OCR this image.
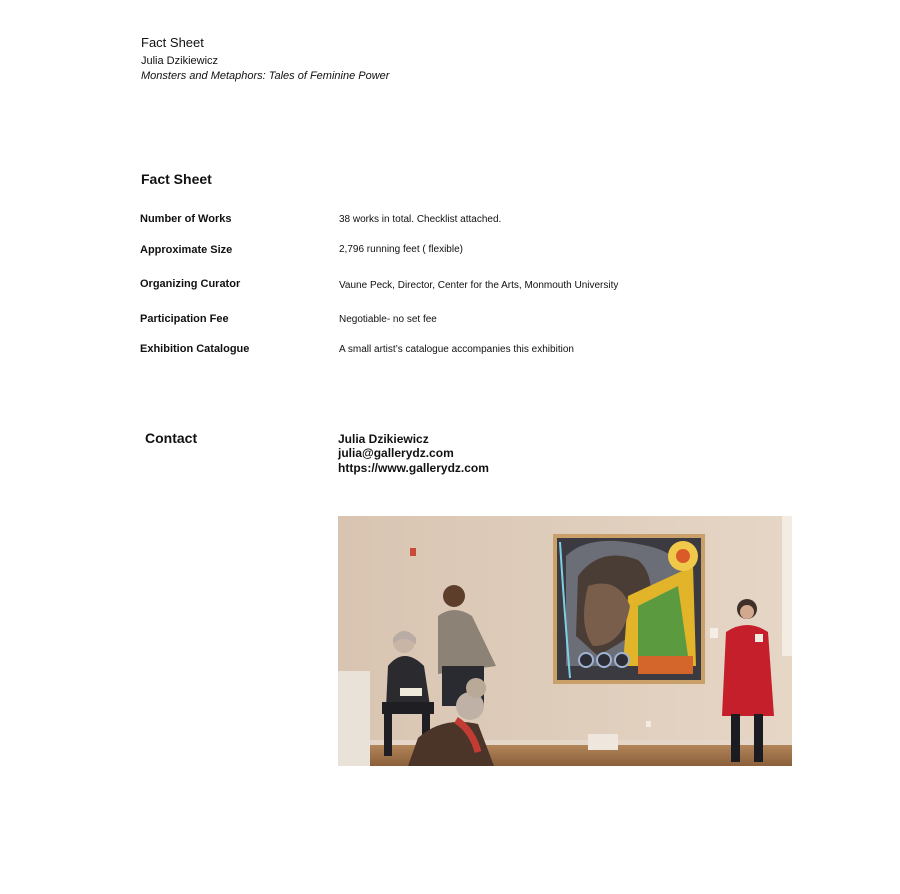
Fact Sheet
Julia Dzikiewicz
Monsters and Metaphors: Tales of Feminine Power
Fact Sheet
Number of Works	38 works in total. Checklist attached.
Approximate Size	2,796 running feet ( flexible)
Organizing Curator	Vaune Peck, Director, Center for the Arts, Monmouth University
Participation Fee	Negotiable- no set fee
Exhibition Catalogue	A small artist’s catalogue accompanies this exhibition
Contact	Julia Dzikiewicz
julia@gallerydz.com
https://www.gallerydz.com
